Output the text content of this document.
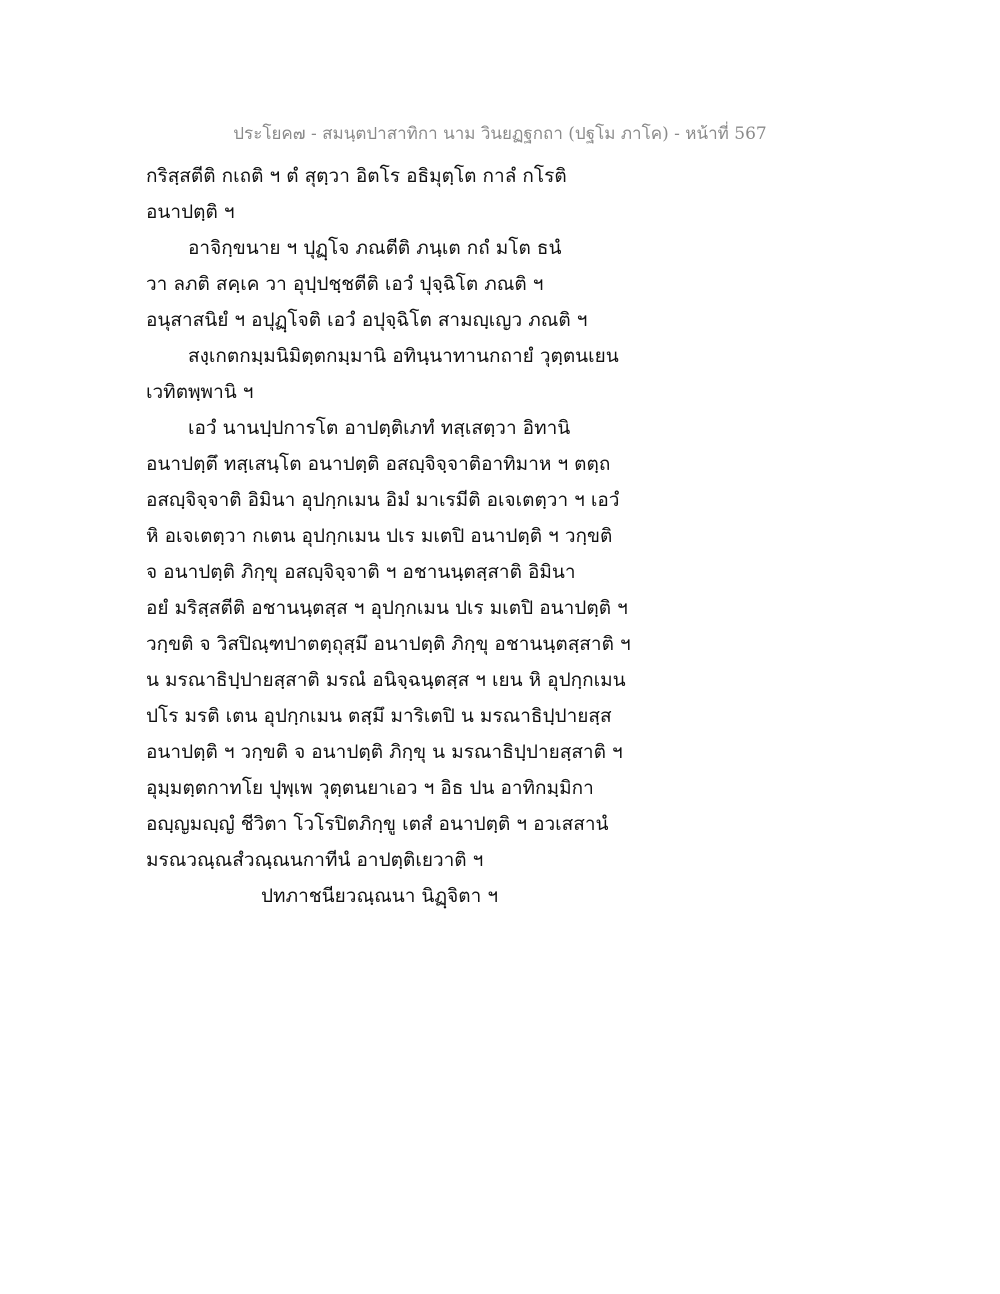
ประโยค๗ - สมนฺตปาสาทิกา นาม วินยฏฐกถา (ปฐโม ภาโค) - หน้าที่ 567
กริสฺสตีติ กเถติ ฯ ตํ สุตฺวา อิตโร อธิมุตฺโต กาลํ กโรติ
อนาปตฺติ ฯ
อาจิกฺขนาย ฯ ปุฏฺโจ ภณตีติ ภนฺเต กถํ มโต ธนํ
วา ลภติ สคฺเค วา อุปฺปชฺชตีติ เอวํ ปุจฺฉิโต ภณติ ฯ
อนุสาสนิยํ ฯ อปุฏฺโจติ เอวํ อปุจฺฉิโต สามญฺเญว ภณติ ฯ
สงฺเกตกมฺมนิมิตฺตกมฺมานิ อทินฺนาทานกถายํ วุตฺตนเยน
เวทิตพฺพานิ ฯ
เอวํ นานปฺปการโต อาปตฺติเภทํ ทสฺเสตฺวา อิทานิ
อนาปตฺตึ ทสฺเสนฺโต อนาปตฺติ อสญฺจิจฺจาติอาทิมาห ฯ ตตฺถ
อสญฺจิจฺจาติ อิมินา อุปกฺกเมน อิมํ มาเรมีติ อเจเตตฺวา ฯ เอวํ
หิ อเจเตตฺวา กเตน อุปกฺกเมน ปเร มเตปิ อนาปตฺติ ฯ วกฺขติ
จ อนาปตฺติ ภิกฺขุ อสญฺจิจฺจาติ ฯ อชานนฺตสฺสาติ อิมินา
อยํ มริสฺสตีติ อชานนฺตสฺส ฯ อุปกฺกเมน ปเร มเตปิ อนาปตฺติ ฯ
วกฺขติ จ วิสปิณฺฑปาตตฺถุสฺมึ อนาปตฺติ ภิกฺขุ อชานนฺตสฺสาติ ฯ
น มรณาธิปฺปายสฺสาติ มรณํ อนิจฺฉนฺตสฺส ฯ เยน หิ อุปกฺกเมน
ปโร มรติ เตน อุปกฺกเมน ตสฺมึ มาริเตปิ น มรณาธิปฺปายสฺส
อนาปตฺติ ฯ วกฺขติ จ อนาปตฺติ ภิกฺขุ น มรณาธิปฺปายสฺสาติ ฯ
อุมฺมตฺตกาทโย ปุพฺเพ วุตฺตนยาเอว ฯ อิธ ปน อาทิกมฺมิกา
อญฺญมญฺญํ ชีวิตา โวโรปิตภิกฺขู เตสํ อนาปตฺติ ฯ อวเสสานํ
มรณวณฺณสํวณฺณนกาทีนํ อาปตฺติเยวาติ ฯ
ปทภาชนียวณฺณนา นิฏฺจิตา ฯ
